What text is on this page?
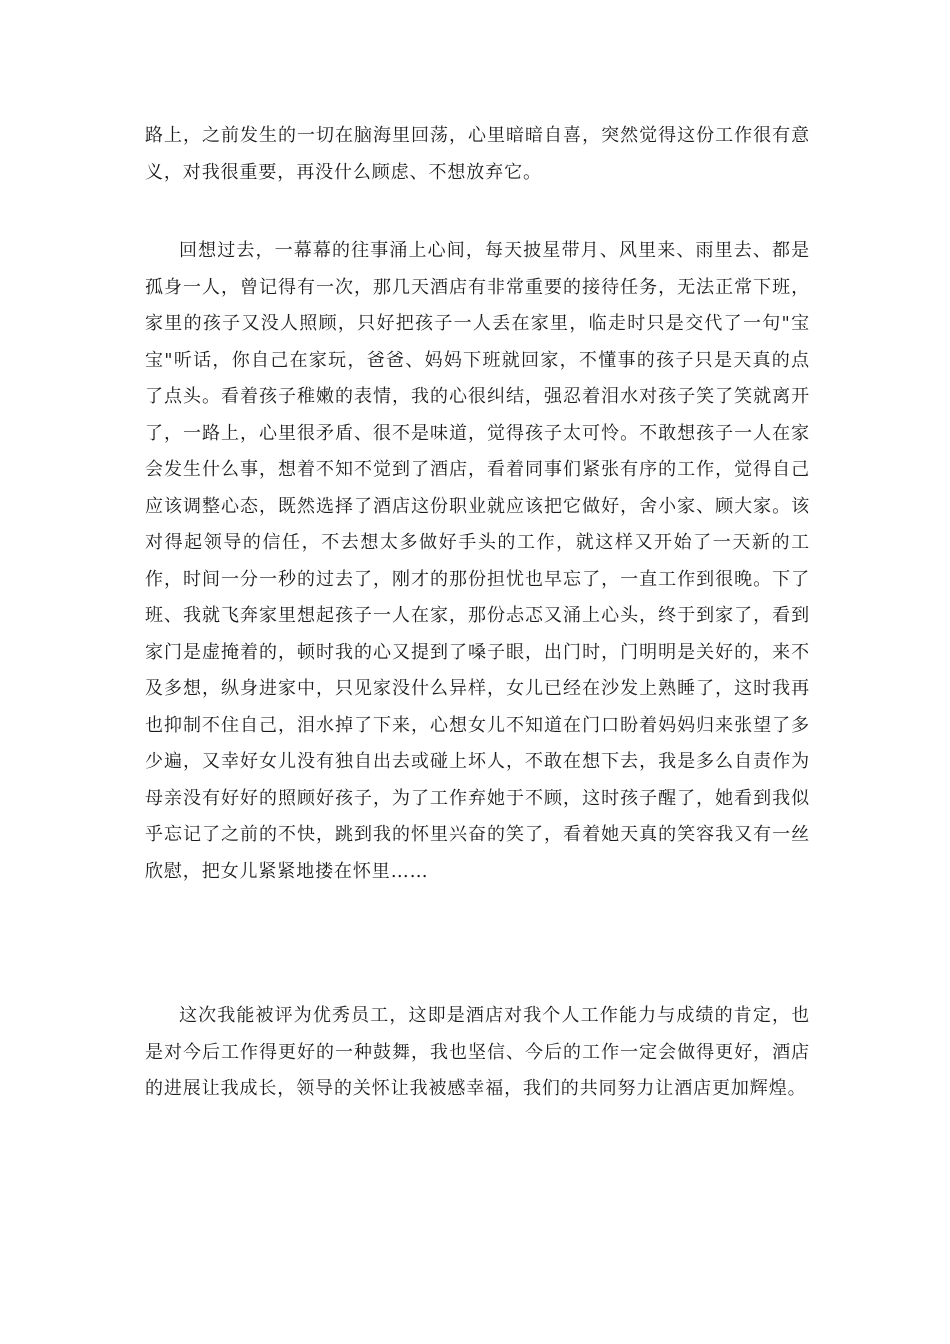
路上，之前发生的一切在脑海里回荡，心里暗暗自喜，突然觉得这份工作很有意义，对我很重要，再没什么顾虑、不想放弃它。

回想过去，一幕幕的往事涌上心间，每天披星带月、风里来、雨里去、都是孤身一人，曾记得有一次，那几天酒店有非常重要的接待任务，无法正常下班，家里的孩子又没人照顾，只好把孩子一人丢在家里，临走时只是交代了一句"宝宝"听话，你自己在家玩，爸爸、妈妈下班就回家，不懂事的孩子只是天真的点了点头。看着孩子稚嫩的表情，我的心很纠结，强忍着泪水对孩子笑了笑就离开了，一路上，心里很矛盾、很不是味道，觉得孩子太可怜。不敢想孩子一人在家会发生什么事，想着不知不觉到了酒店，看着同事们紧张有序的工作，觉得自己应该调整心态，既然选择了酒店这份职业就应该把它做好，舍小家、顾大家。该对得起领导的信任，不去想太多做好手头的工作，就这样又开始了一天新的工作，时间一分一秒的过去了，刚才的那份担忧也早忘了，一直工作到很晚。下了班、我就飞奔家里想起孩子一人在家，那份忐忑又涌上心头，终于到家了，看到家门是虚掩着的，顿时我的心又提到了嗓子眼，出门时，门明明是关好的，来不及多想，纵身进家中，只见家没什么异样，女儿已经在沙发上熟睡了，这时我再也抑制不住自己，泪水掉了下来，心想女儿不知道在门口盼着妈妈归来张望了多少遍，又幸好女儿没有独自出去或碰上坏人，不敢在想下去，我是多么自责作为母亲没有好好的照顾好孩子，为了工作弃她于不顾，这时孩子醒了，她看到我似乎忘记了之前的不快，跳到我的怀里兴奋的笑了，看着她天真的笑容我又有一丝欣慰，把女儿紧紧地搂在怀里……

这次我能被评为优秀员工，这即是酒店对我个人工作能力与成绩的肯定，也是对今后工作得更好的一种鼓舞，我也坚信、今后的工作一定会做得更好，酒店的进展让我成长，领导的关怀让我被感幸福，我们的共同努力让酒店更加辉煌。
